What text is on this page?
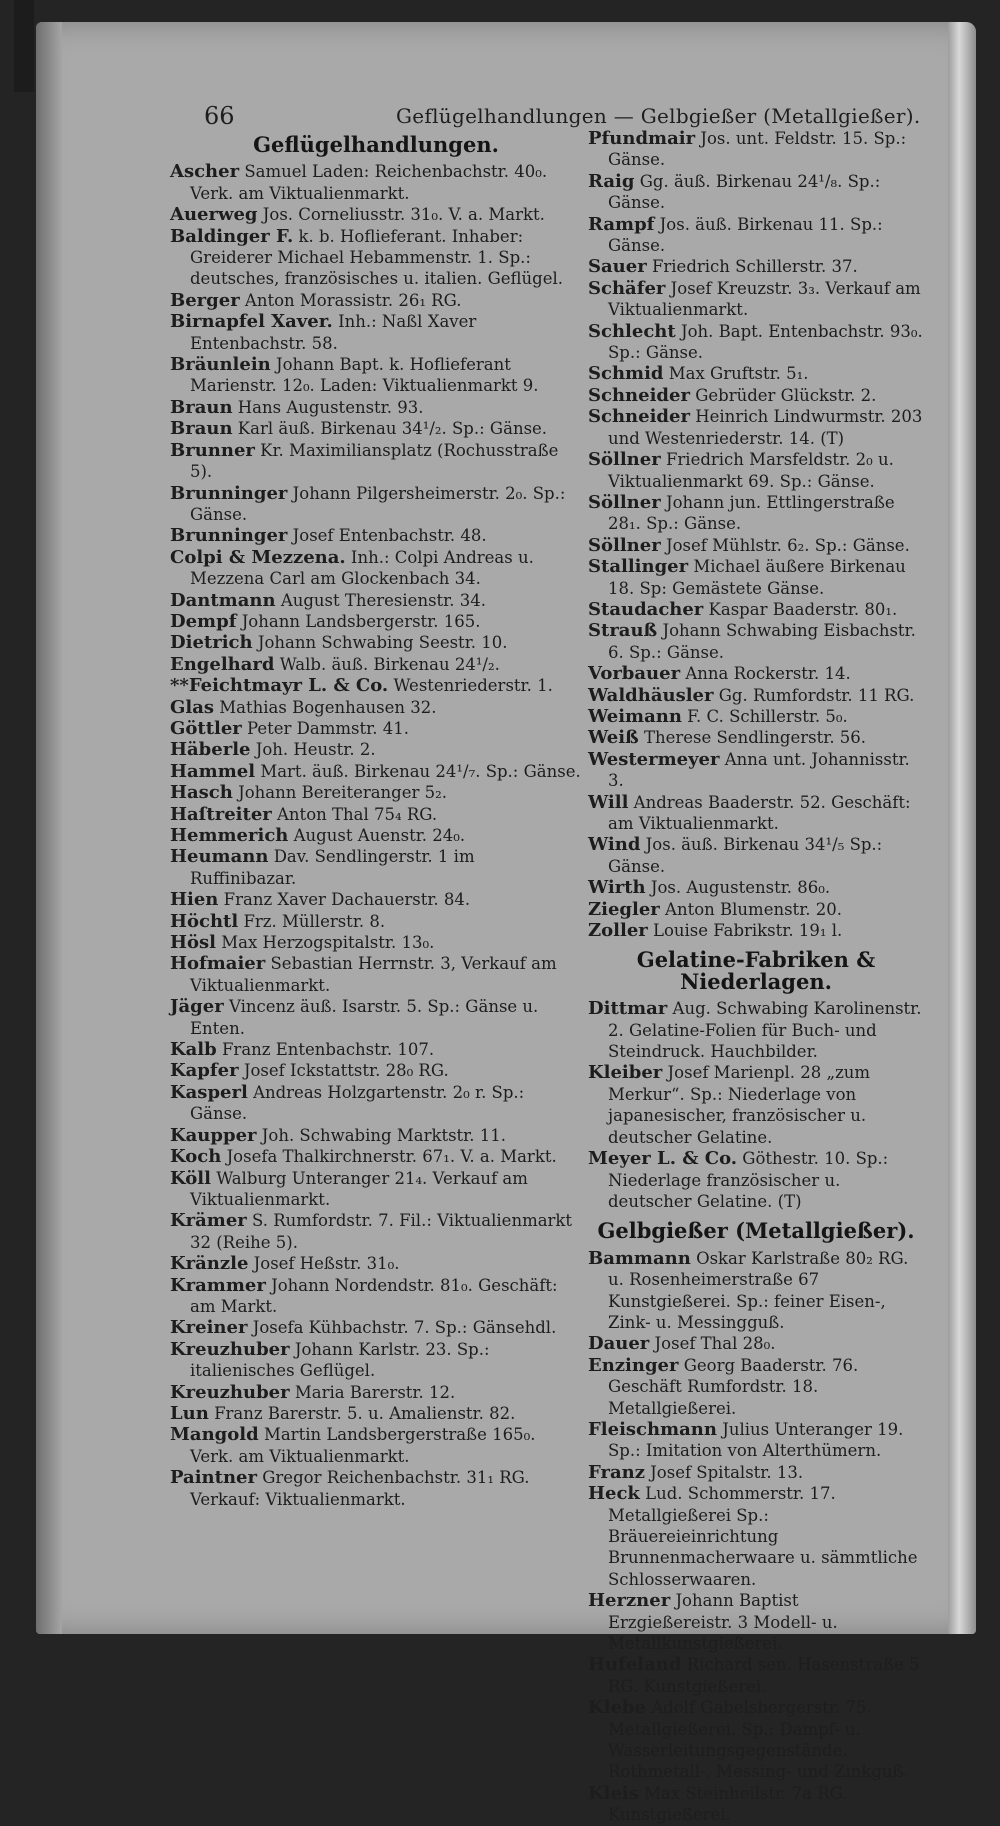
66	Geflügelhandlungen — Gelbgießer (Metallgießer).
Geflügelhandlungen.

Ascher Samuel Laden: Reichenbachstr. 40₀. Verk. am Viktualienmarkt.

Auerweg Jos. Corneliusstr. 31₀. V. a. Markt.

Baldinger F. k. b. Hoflieferant. Inhaber: Greiderer Michael Hebammenstr. 1. Sp.: deutsches, französisches u. italien. Geflügel.

Berger Anton Morassistr. 26₁ RG.

Birnapfel Xaver. Inh.: Naßl Xaver Entenbachstr. 58.

Bräunlein Johann Bapt. k. Hoflieferant Marienstr. 12₀. Laden: Viktualienmarkt 9.

Braun Hans Augustenstr. 93.

Braun Karl äuß. Birkenau 34¹/₂. Sp.: Gänse.

Brunner Kr. Maximiliansplatz (Rochusstraße 5).

Brunninger Johann Pilgersheimerstr. 2₀. Sp.: Gänse.

Brunninger Josef Entenbachstr. 48.

Colpi & Mezzena. Inh.: Colpi Andreas u. Mezzena Carl am Glockenbach 34.

Dantmann August Theresienstr. 34.

Dempf Johann Landsbergerstr. 165.

Dietrich Johann Schwabing Seestr. 10.

Engelhard Walb. äuß. Birkenau 24¹/₂.

**Feichtmayr L. & Co. Westenriederstr. 1.

Glas Mathias Bogenhausen 32.

Göttler Peter Dammstr. 41.

Häberle Joh. Heustr. 2.

Hammel Mart. äuß. Birkenau 24¹/₇. Sp.: Gänse.

Hasch Johann Bereiteranger 5₂.

Haſtreiter Anton Thal 75₄ RG.

Hemmerich August Auenstr. 24₀.

Heumann Dav. Sendlingerstr. 1 im Ruffinibazar.

Hien Franz Xaver Dachauerstr. 84.

Höchtl Frz. Müllerstr. 8.

Hösl Max Herzogspitalstr. 13₀.

Hofmaier Sebastian Herrnstr. 3, Verkauf am Viktualienmarkt.

Jäger Vincenz äuß. Isarstr. 5. Sp.: Gänse u. Enten.

Kalb Franz Entenbachstr. 107.

Kapfer Josef Ickstattstr. 28₀ RG.

Kasperl Andreas Holzgartenstr. 2₀ r. Sp.: Gänse.

Kaupper Joh. Schwabing Marktstr. 11.

Koch Josefa Thalkirchnerstr. 67₁. V. a. Markt.

Köll Walburg Unteranger 21₄. Verkauf am Viktualienmarkt.

Krämer S. Rumfordstr. 7. Fil.: Viktualienmarkt 32 (Reihe 5).

Kränzle Josef Heßstr. 31₀.

Krammer Johann Nordendstr. 81₀. Geschäft: am Markt.

Kreiner Josefa Kühbachstr. 7. Sp.: Gänsehdl.

Kreuzhuber Johann Karlstr. 23. Sp.: italienisches Geflügel.

Kreuzhuber Maria Barerstr. 12.

Lun Franz Barerstr. 5. u. Amalienstr. 82.

Mangold Martin Landsbergerstraße 165₀. Verk. am Viktualienmarkt.

Paintner Gregor Reichenbachstr. 31₁ RG. Verkauf: Viktualienmarkt.

Pfundmair Jos. unt. Feldstr. 15. Sp.: Gänse.

Raig Gg. äuß. Birkenau 24¹/₈. Sp.: Gänse.

Rampf Jos. äuß. Birkenau 11. Sp.: Gänse.

Sauer Friedrich Schillerstr. 37.

Schäfer Josef Kreuzstr. 3₃. Verkauf am Viktualienmarkt.

Schlecht Joh. Bapt. Entenbachstr. 93₀. Sp.: Gänse.

Schmid Max Gruftstr. 5₁.

Schneider Gebrüder Glückstr. 2.

Schneider Heinrich Lindwurmstr. 203 und Westenriederstr. 14. (T)

Söllner Friedrich Marsfeldstr. 2₀ u. Viktualienmarkt 69. Sp.: Gänse.

Söllner Johann jun. Ettlingerstraße 28₁. Sp.: Gänse.

Söllner Josef Mühlstr. 6₂. Sp.: Gänse.

Stallinger Michael äußere Birkenau 18. Sp: Gemästete Gänse.

Staudacher Kaspar Baaderstr. 80₁.

Strauß Johann Schwabing Eisbachstr. 6. Sp.: Gänse.

Vorbauer Anna Rockerstr. 14.

Waldhäusler Gg. Rumfordstr. 11 RG.

Weimann F. C. Schillerstr. 5₀.

Weiß Therese Sendlingerstr. 56.

Westermeyer Anna unt. Johannisstr. 3.

Will Andreas Baaderstr. 52. Geschäft: am Viktualienmarkt.

Wind Jos. äuß. Birkenau 34¹/₅ Sp.: Gänse.

Wirth Jos. Augustenstr. 86₀.

Ziegler Anton Blumenstr. 20.

Zoller Louise Fabrikstr. 19₁ l.

Gelatine-Fabriken & Niederlagen.

Dittmar Aug. Schwabing Karolinenstr. 2. Gelatine-Folien für Buch- und Steindruck. Hauchbilder.

Kleiber Josef Marienpl. 28 „zum Merkur“. Sp.: Niederlage von japanesischer, französischer u. deutscher Gelatine.

Meyer L. & Co. Göthestr. 10. Sp.: Niederlage französischer u. deutscher Gelatine. (T)

Gelbgießer (Metallgießer).

Bammann Oskar Karlstraße 80₂ RG. u. Rosenheimerstraße 67 Kunstgießerei. Sp.: feiner Eisen-, Zink- u. Messingguß.

Dauer Josef Thal 28₀.

Enzinger Georg Baaderstr. 76. Geschäft Rumfordstr. 18. Metallgießerei.

Fleischmann Julius Unteranger 19. Sp.: Imitation von Alterthümern.

Franz Josef Spitalstr. 13.

Heck Lud. Schommerstr. 17. Metallgießerei Sp.: Bräuereieinrichtung Brunnenmacherwaare u. sämmtliche Schlosserwaaren.

Herzner Johann Baptist Erzgießereistr. 3 Modell- u. Metallkunstgießerei.

Hufeland Richard sen. Hasenstraße 5 RG. Kunstgießerei.

Klebe Adolf Gabelsbergerstr. 75. Metallgießerei. Sp.: Dampf- u. Wasserleitungsgegenstände. Rothmetall-, Messing- und Zinkguß.

Kleis Max Steinheilstr. 7a RG. Kunstgießerei.
